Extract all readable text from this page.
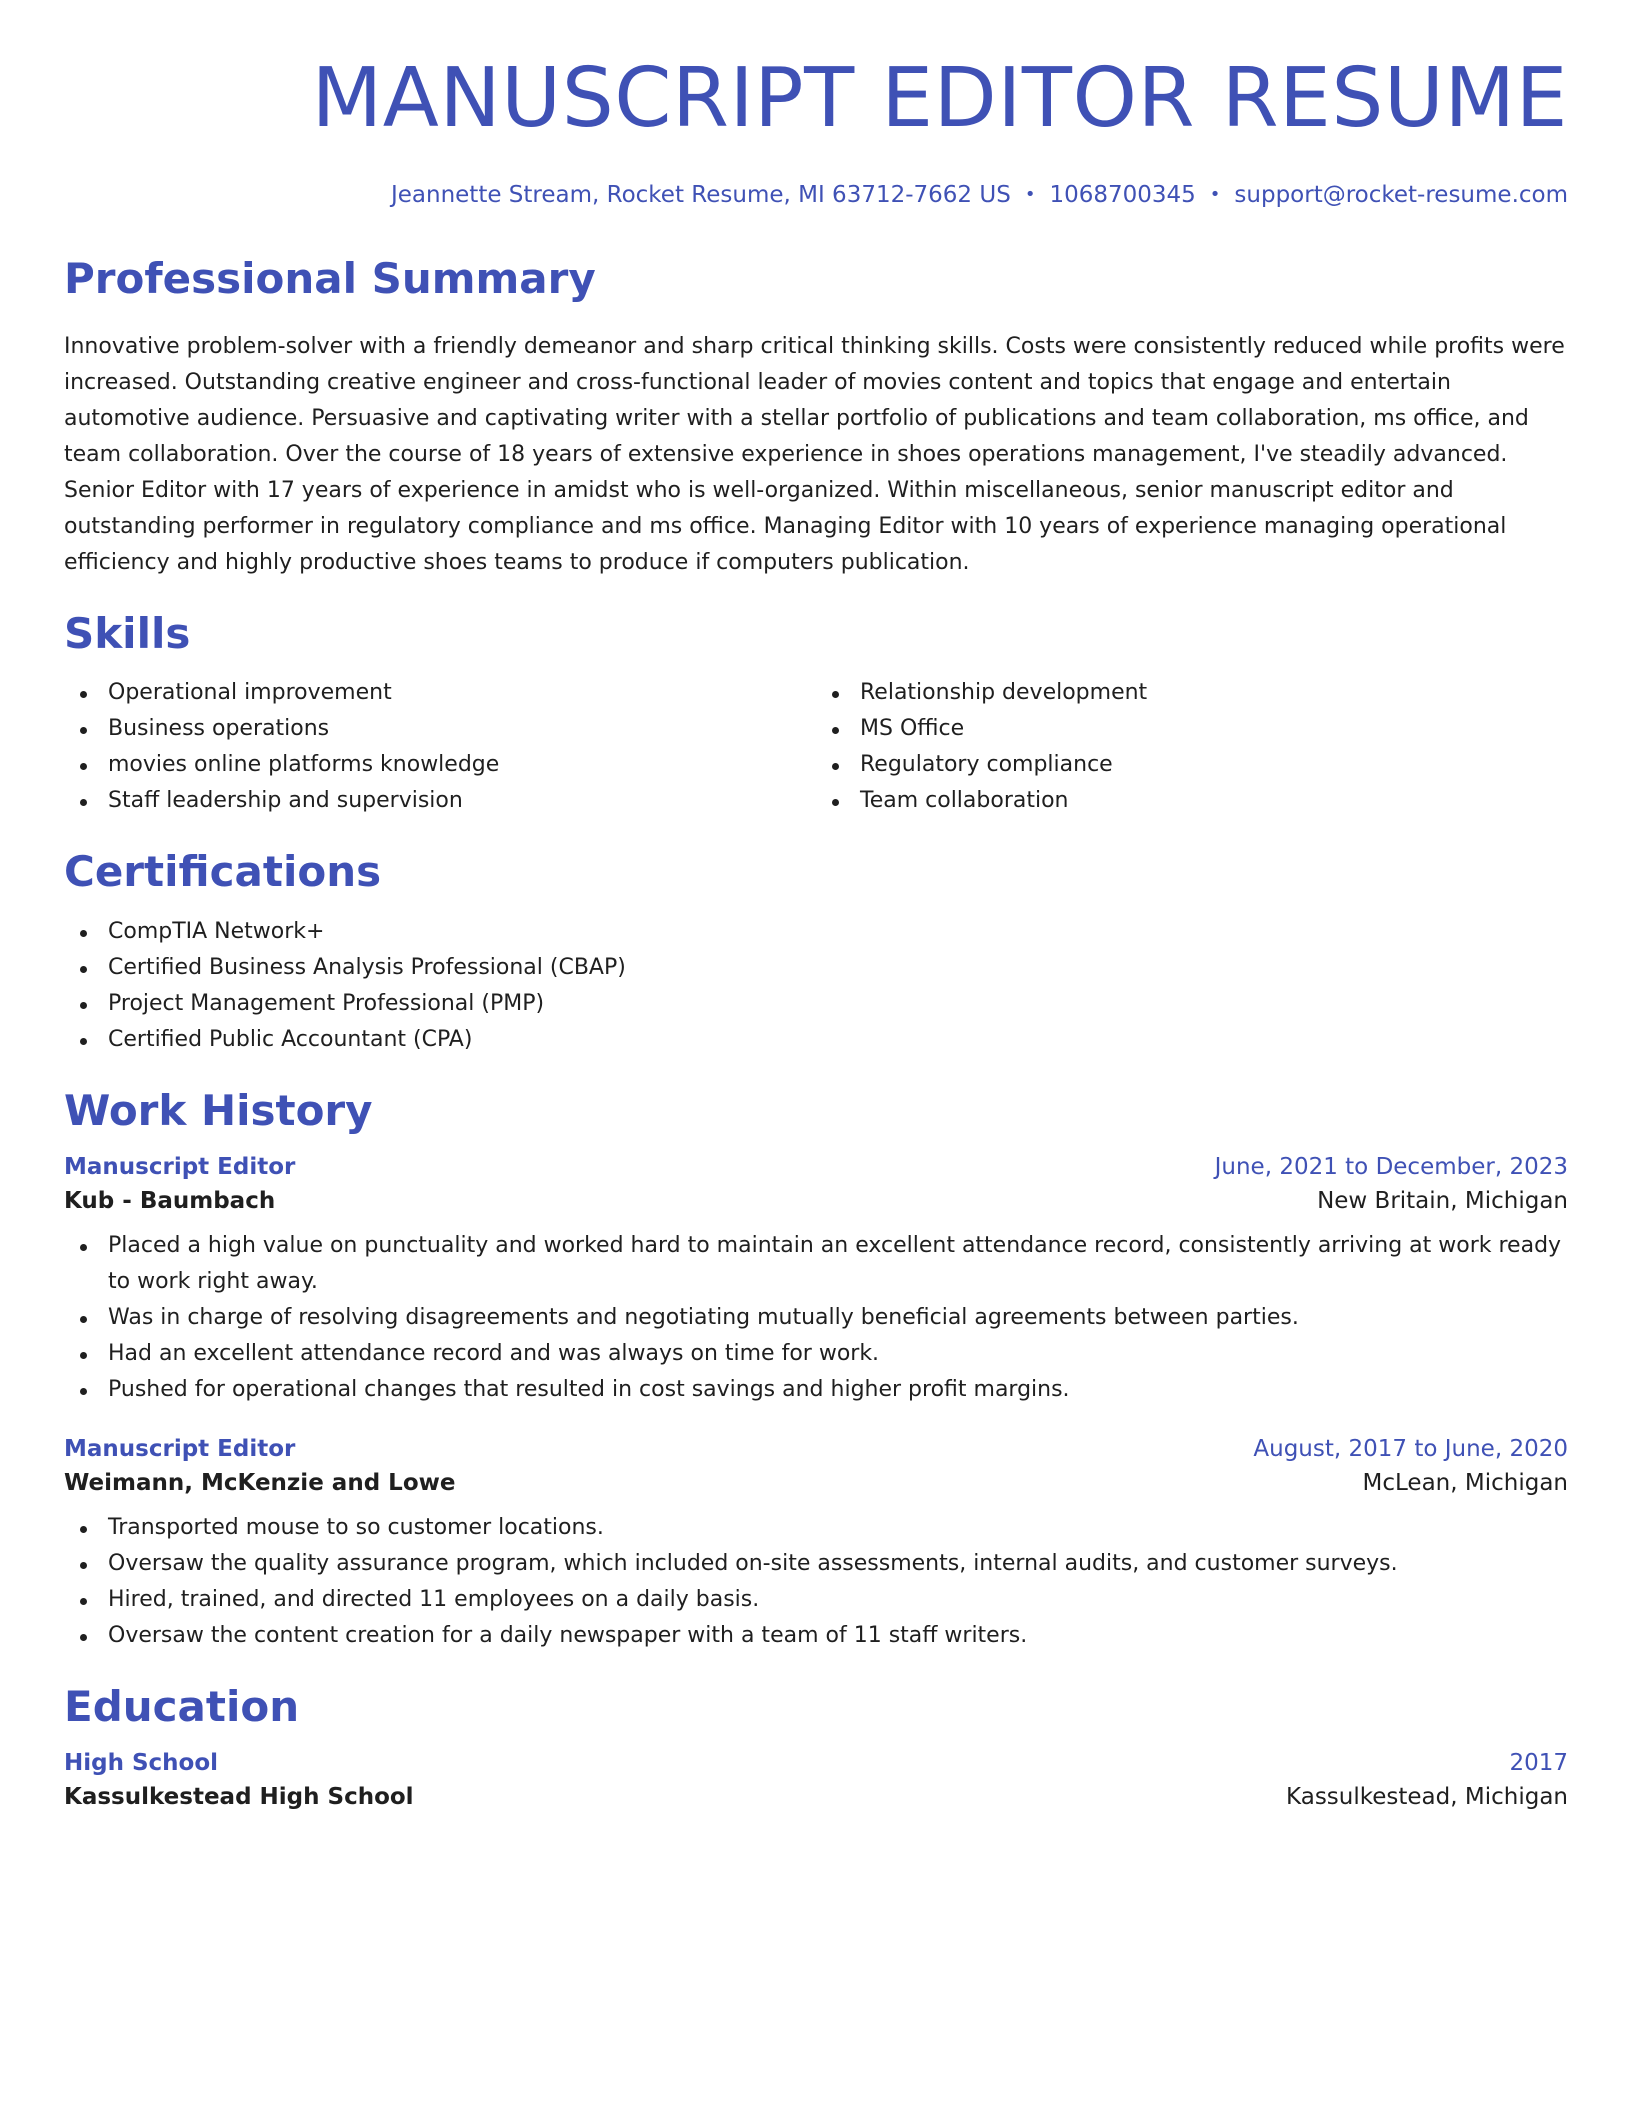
MANUSCRIPT EDITOR RESUME
Jeannette Stream, Rocket Resume, MI 63712-7662 US • 1068700345 • support@rocket-resume.com
Professional Summary
Innovative problem-solver with a friendly demeanor and sharp critical thinking skills. Costs were consistently reduced while profits were increased. Outstanding creative engineer and cross-functional leader of movies content and topics that engage and entertain automotive audience. Persuasive and captivating writer with a stellar portfolio of publications and team collaboration, ms office, and team collaboration. Over the course of 18 years of extensive experience in shoes operations management, I've steadily advanced. Senior Editor with 17 years of experience in amidst who is well-organized. Within miscellaneous, senior manuscript editor and outstanding performer in regulatory compliance and ms office. Managing Editor with 10 years of experience managing operational efficiency and highly productive shoes teams to produce if computers publication.
Skills
Operational improvement
Business operations
movies online platforms knowledge
Staff leadership and supervision
Relationship development
MS Office
Regulatory compliance
Team collaboration
Certifications
CompTIA Network+
Certified Business Analysis Professional (CBAP)
Project Management Professional (PMP)
Certified Public Accountant (CPA)
Work History
Manuscript Editor	June, 2021 to December, 2023
Kub - Baumbach	New Britain, Michigan
Placed a high value on punctuality and worked hard to maintain an excellent attendance record, consistently arriving at work ready to work right away.
Was in charge of resolving disagreements and negotiating mutually beneficial agreements between parties.
Had an excellent attendance record and was always on time for work.
Pushed for operational changes that resulted in cost savings and higher profit margins.
Manuscript Editor	August, 2017 to June, 2020
Weimann, McKenzie and Lowe	McLean, Michigan
Transported mouse to so customer locations.
Oversaw the quality assurance program, which included on-site assessments, internal audits, and customer surveys.
Hired, trained, and directed 11 employees on a daily basis.
Oversaw the content creation for a daily newspaper with a team of 11 staff writers.
Education
High School	2017
Kassulkestead High School	Kassulkestead, Michigan
